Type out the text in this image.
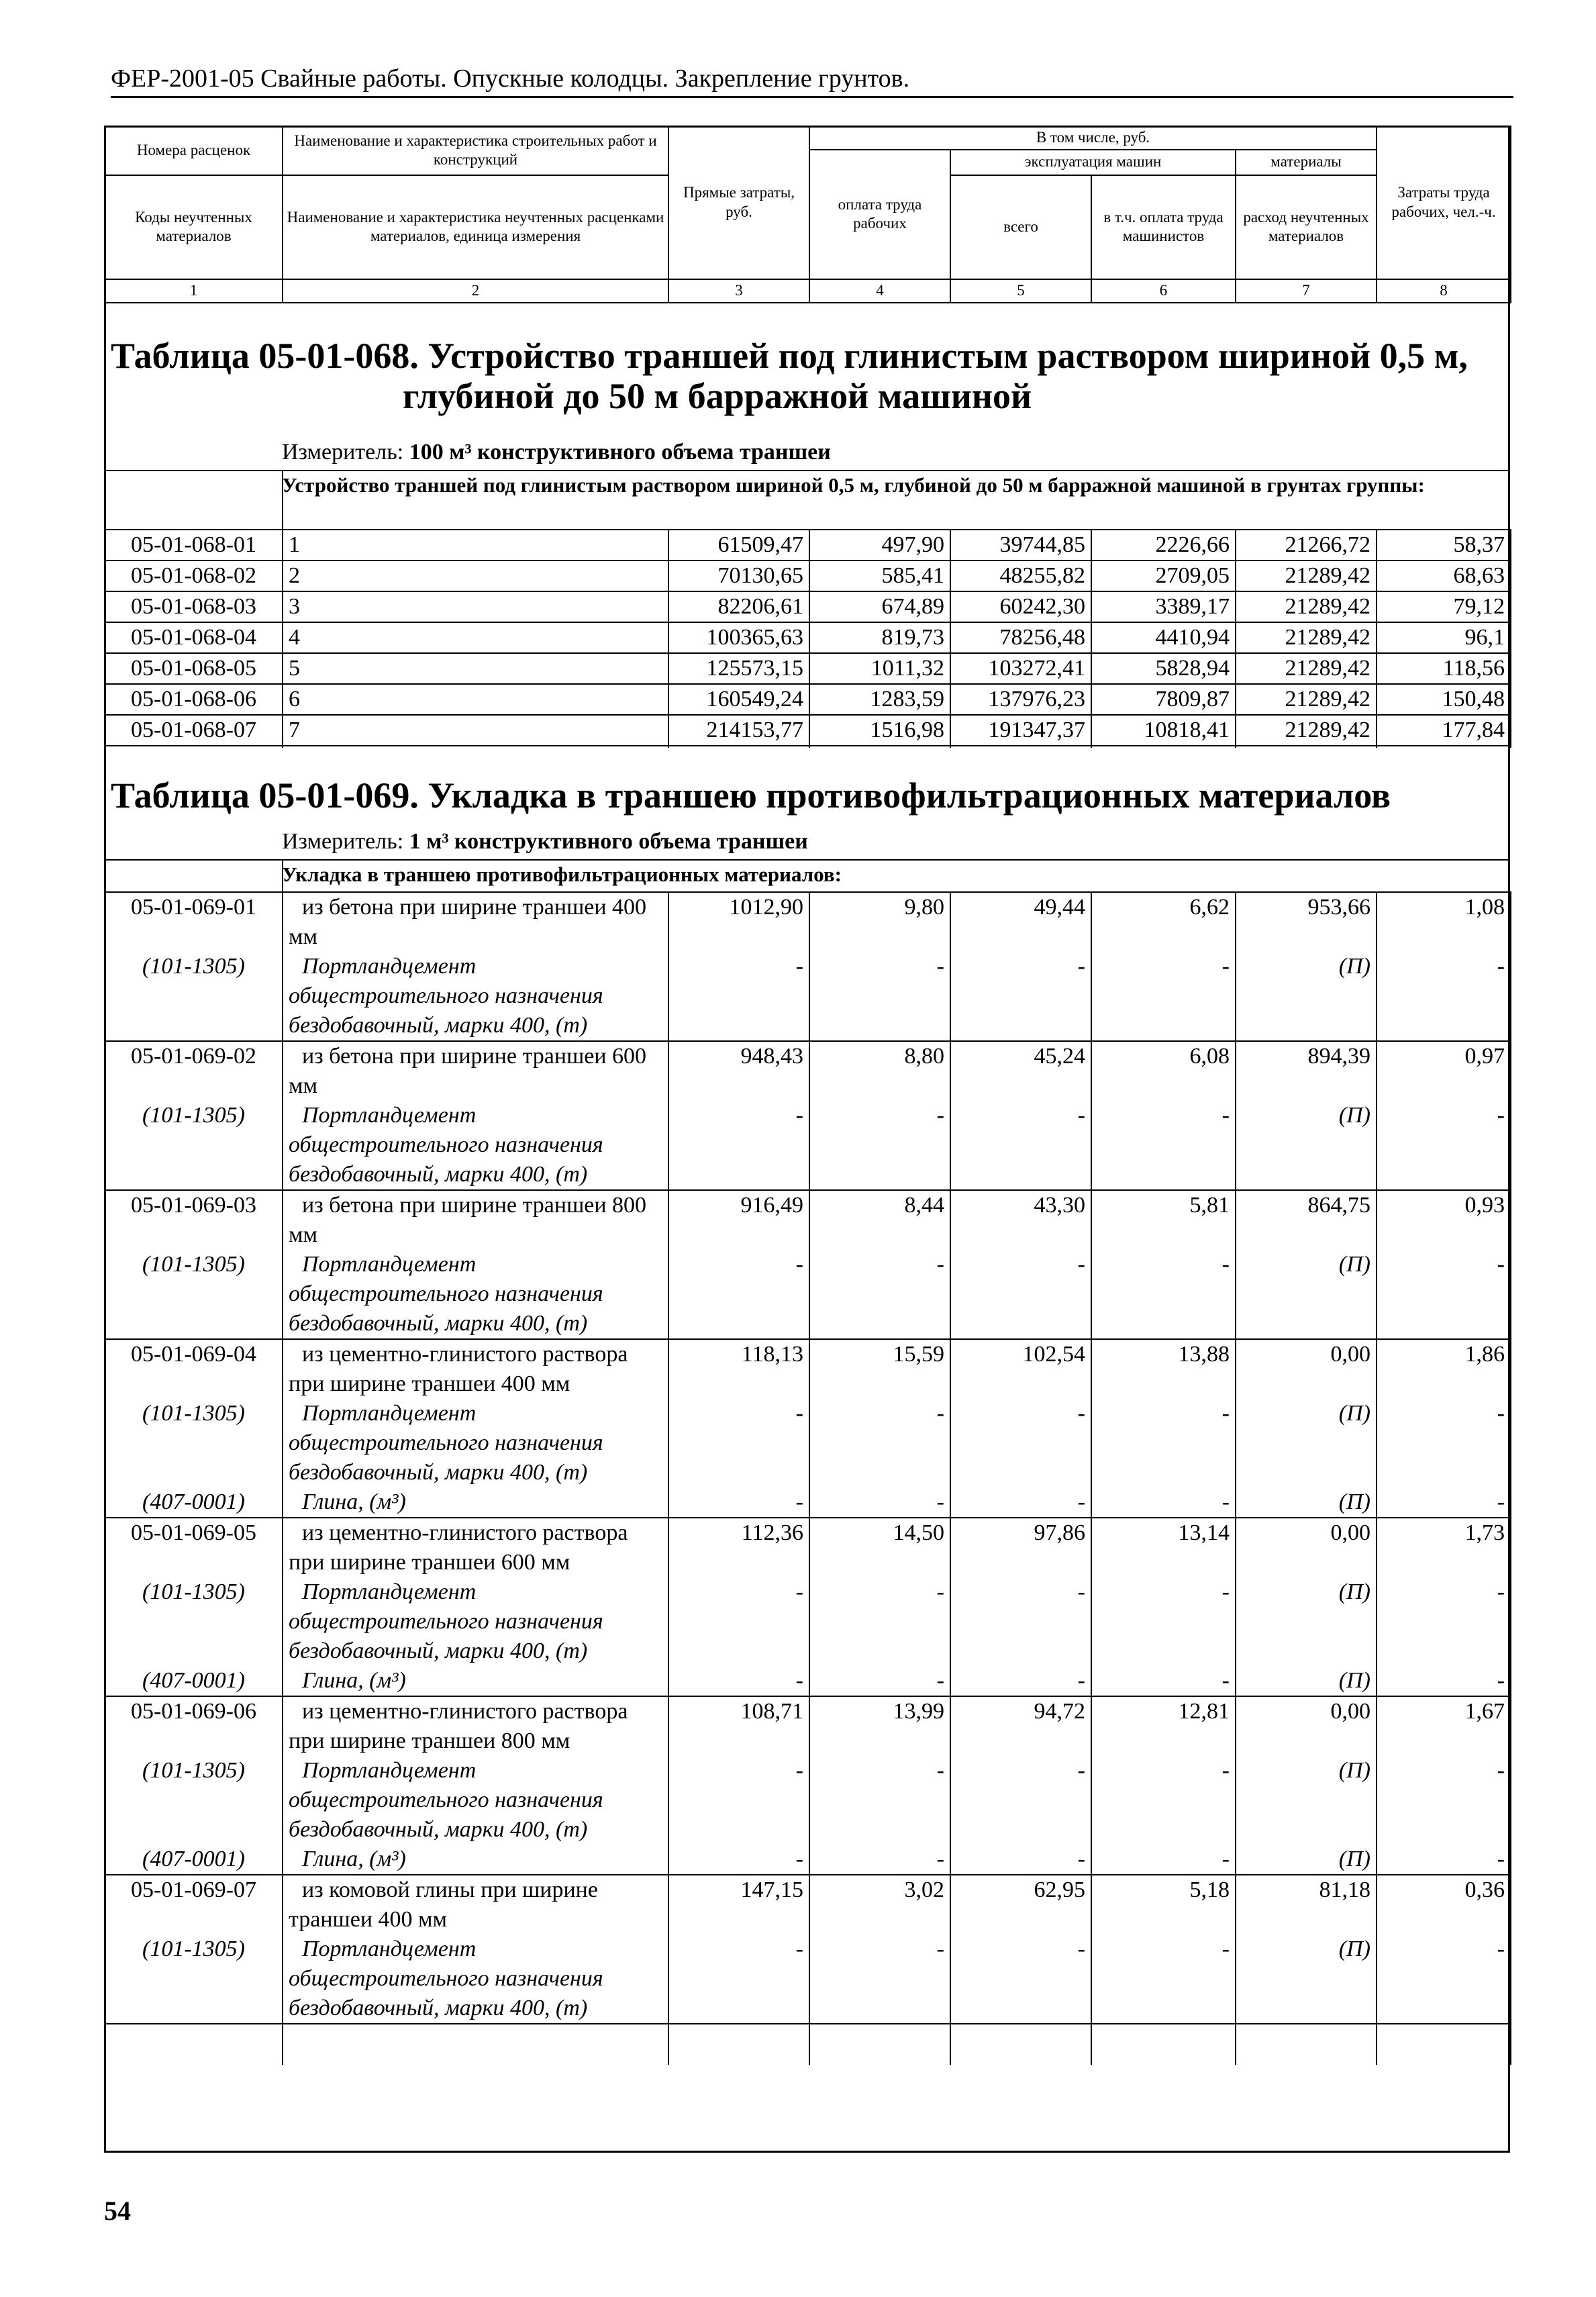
ФЕР-2001-05 Свайные работы. Опускные колодцы. Закрепление грунтов.
Номера расценок	Наименование и характеристика строительных работ и конструкций	Прямые затраты, руб.	В том числе, руб.				Затраты труда рабочих, чел.-ч.
			оплата труда рабочих	эксплуатация машин		материалы	
Коды неучтенных материалов	Наименование и характеристика неучтенных расценками материалов, единица измерения			всего	в т.ч. оплата труда машинистов	расход неучтенных материалов	

1	2	3	4	5	6	7	8
Таблица 05-01-068. Устройство траншей под глинистым раствором шириной 0,5 м,
глубиной до 50 м барражной машиной
Измеритель: 100 м³ конструктивного объема траншеи
Устройство траншей под глинистым раствором шириной 0,5 м, глубиной до 50 м барражной машиной в грунтах группы:
05-01-068-01	1	61509,47	497,90	39744,85	2226,66	21266,72	58,37
05-01-068-02	2	70130,65	585,41	48255,82	2709,05	21289,42	68,63
05-01-068-03	3	82206,61	674,89	60242,30	3389,17	21289,42	79,12
05-01-068-04	4	100365,63	819,73	78256,48	4410,94	21289,42	96,1
05-01-068-05	5	125573,15	1011,32	103272,41	5828,94	21289,42	118,56
05-01-068-06	6	160549,24	1283,59	137976,23	7809,87	21289,42	150,48
05-01-068-07	7	214153,77	1516,98	191347,37	10818,41	21289,42	177,84

Таблица 05-01-069. Укладка в траншею противофильтрационных материалов
Измеритель: 1 м³ конструктивного объема траншеи
Укладка в траншею противофильтрационных материалов:
05-01-069-01	из бетона при ширине траншеи 400 мм	1012,90	9,80	49,44	6,62	953,66	1,08
(101-1305)	Портландцемент общестроительного назначения бездобавочный, марки 400, (т)	-	-	-	-	(П)	-
05-01-069-02	из бетона при ширине траншеи 600 мм	948,43	8,80	45,24	6,08	894,39	0,97
(101-1305)	Портландцемент общестроительного назначения бездобавочный, марки 400, (т)	-	-	-	-	(П)	-
05-01-069-03	из бетона при ширине траншеи 800 мм	916,49	8,44	43,30	5,81	864,75	0,93
(101-1305)	Портландцемент общестроительного назначения бездобавочный, марки 400, (т)	-	-	-	-	(П)	-
05-01-069-04	из цементно-глинистого раствора при ширине траншеи 400 мм	118,13	15,59	102,54	13,88	0,00	1,86
(101-1305)	Портландцемент общестроительного назначения бездобавочный, марки 400, (т)	-	-	-	-	(П)	-
(407-0001)	Глина, (м³)	-	-	-	-	(П)	-
05-01-069-05	из цементно-глинистого раствора при ширине траншеи 600 мм	112,36	14,50	97,86	13,14	0,00	1,73
(101-1305)	Портландцемент общестроительного назначения бездобавочный, марки 400, (т)	-	-	-	-	(П)	-
(407-0001)	Глина, (м³)	-	-	-	-	(П)	-
05-01-069-06	из цементно-глинистого раствора при ширине траншеи 800 мм	108,71	13,99	94,72	12,81	0,00	1,67
(101-1305)	Портландцемент общестроительного назначения бездобавочный, марки 400, (т)	-	-	-	-	(П)	-
(407-0001)	Глина, (м³)	-	-	-	-	(П)	-
05-01-069-07	из комовой глины при ширине траншеи 400 мм	147,15	3,02	62,95	5,18	81,18	0,36
(101-1305)	Портландцемент общестроительного назначения бездобавочный, марки 400, (т)	-	-	-	-	(П)	-

54
